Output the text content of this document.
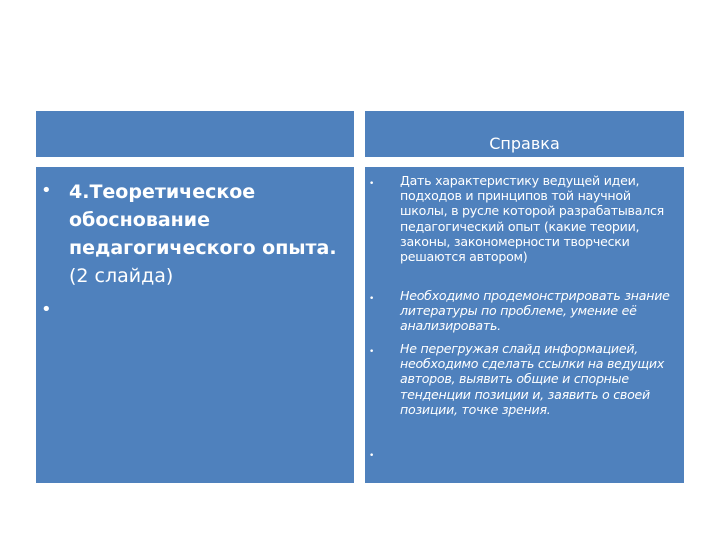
Справка
• 4.Теоретическое обоснование педагогического опыта. (2 слайда)
•
• Дать характеристику ведущей идеи, подходов и принципов той научной школы, в русле которой разрабатывался педагогический опыт (какие теории, законы, закономерности творчески решаются автором)
• Необходимо продемонстрировать знание литературы по проблеме, умение её анализировать.
• Не перегружая слайд информацией, необходимо сделать ссылки на ведущих авторов, выявить общие и спорные тенденции позиции и, заявить о своей позиции, точке зрения.
•
